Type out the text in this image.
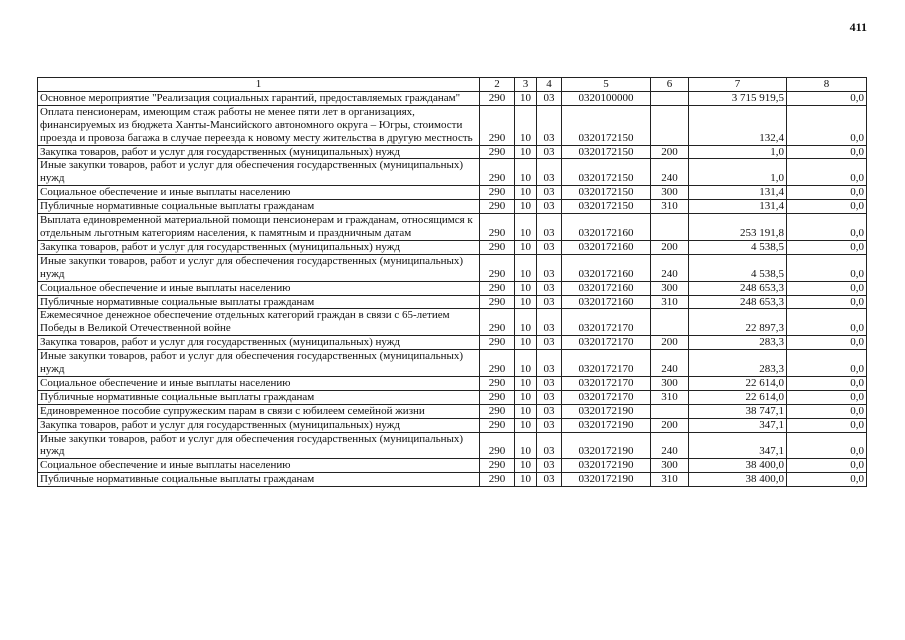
411
1	2	3	4	5	6	7	8
Основное мероприятие "Реализация социальных гарантий, предоставляемых гражданам"	290	10	03	0320100000		3 715 919,5	0,0
Оплата пенсионерам, имеющим стаж работы не менее пяти лет в организациях, финансируемых из бюджета Ханты-Мансийского автономного округа – Югры, стоимости проезда и провоза багажа в случае переезда к новому месту жительства в другую местность	290	10	03	0320172150		132,4	0,0
Закупка товаров, работ и услуг для государственных (муниципальных) нужд	290	10	03	0320172150	200	1,0	0,0
Иные закупки товаров, работ и услуг для обеспечения государственных (муниципальных) нужд	290	10	03	0320172150	240	1,0	0,0
Социальное обеспечение и иные выплаты населению	290	10	03	0320172150	300	131,4	0,0
Публичные нормативные социальные выплаты гражданам	290	10	03	0320172150	310	131,4	0,0
Выплата единовременной материальной помощи пенсионерам и гражданам, относящимся к отдельным льготным категориям населения, к памятным и праздничным датам	290	10	03	0320172160		253 191,8	0,0
Закупка товаров, работ и услуг для государственных (муниципальных) нужд	290	10	03	0320172160	200	4 538,5	0,0
Иные закупки товаров, работ и услуг для обеспечения государственных (муниципальных) нужд	290	10	03	0320172160	240	4 538,5	0,0
Социальное обеспечение и иные выплаты населению	290	10	03	0320172160	300	248 653,3	0,0
Публичные нормативные социальные выплаты гражданам	290	10	03	0320172160	310	248 653,3	0,0
Ежемесячное денежное обеспечение отдельных категорий граждан в связи с 65-летием Победы в Великой Отечественной войне	290	10	03	0320172170		22 897,3	0,0
Закупка товаров, работ и услуг для государственных (муниципальных) нужд	290	10	03	0320172170	200	283,3	0,0
Иные закупки товаров, работ и услуг для обеспечения государственных (муниципальных) нужд	290	10	03	0320172170	240	283,3	0,0
Социальное обеспечение и иные выплаты населению	290	10	03	0320172170	300	22 614,0	0,0
Публичные нормативные социальные выплаты гражданам	290	10	03	0320172170	310	22 614,0	0,0
Единовременное пособие супружеским парам в связи с юбилеем семейной жизни	290	10	03	0320172190		38 747,1	0,0
Закупка товаров, работ и услуг для государственных (муниципальных) нужд	290	10	03	0320172190	200	347,1	0,0
Иные закупки товаров, работ и услуг для обеспечения государственных (муниципальных) нужд	290	10	03	0320172190	240	347,1	0,0
Социальное обеспечение и иные выплаты населению	290	10	03	0320172190	300	38 400,0	0,0
Публичные нормативные социальные выплаты гражданам	290	10	03	0320172190	310	38 400,0	0,0
